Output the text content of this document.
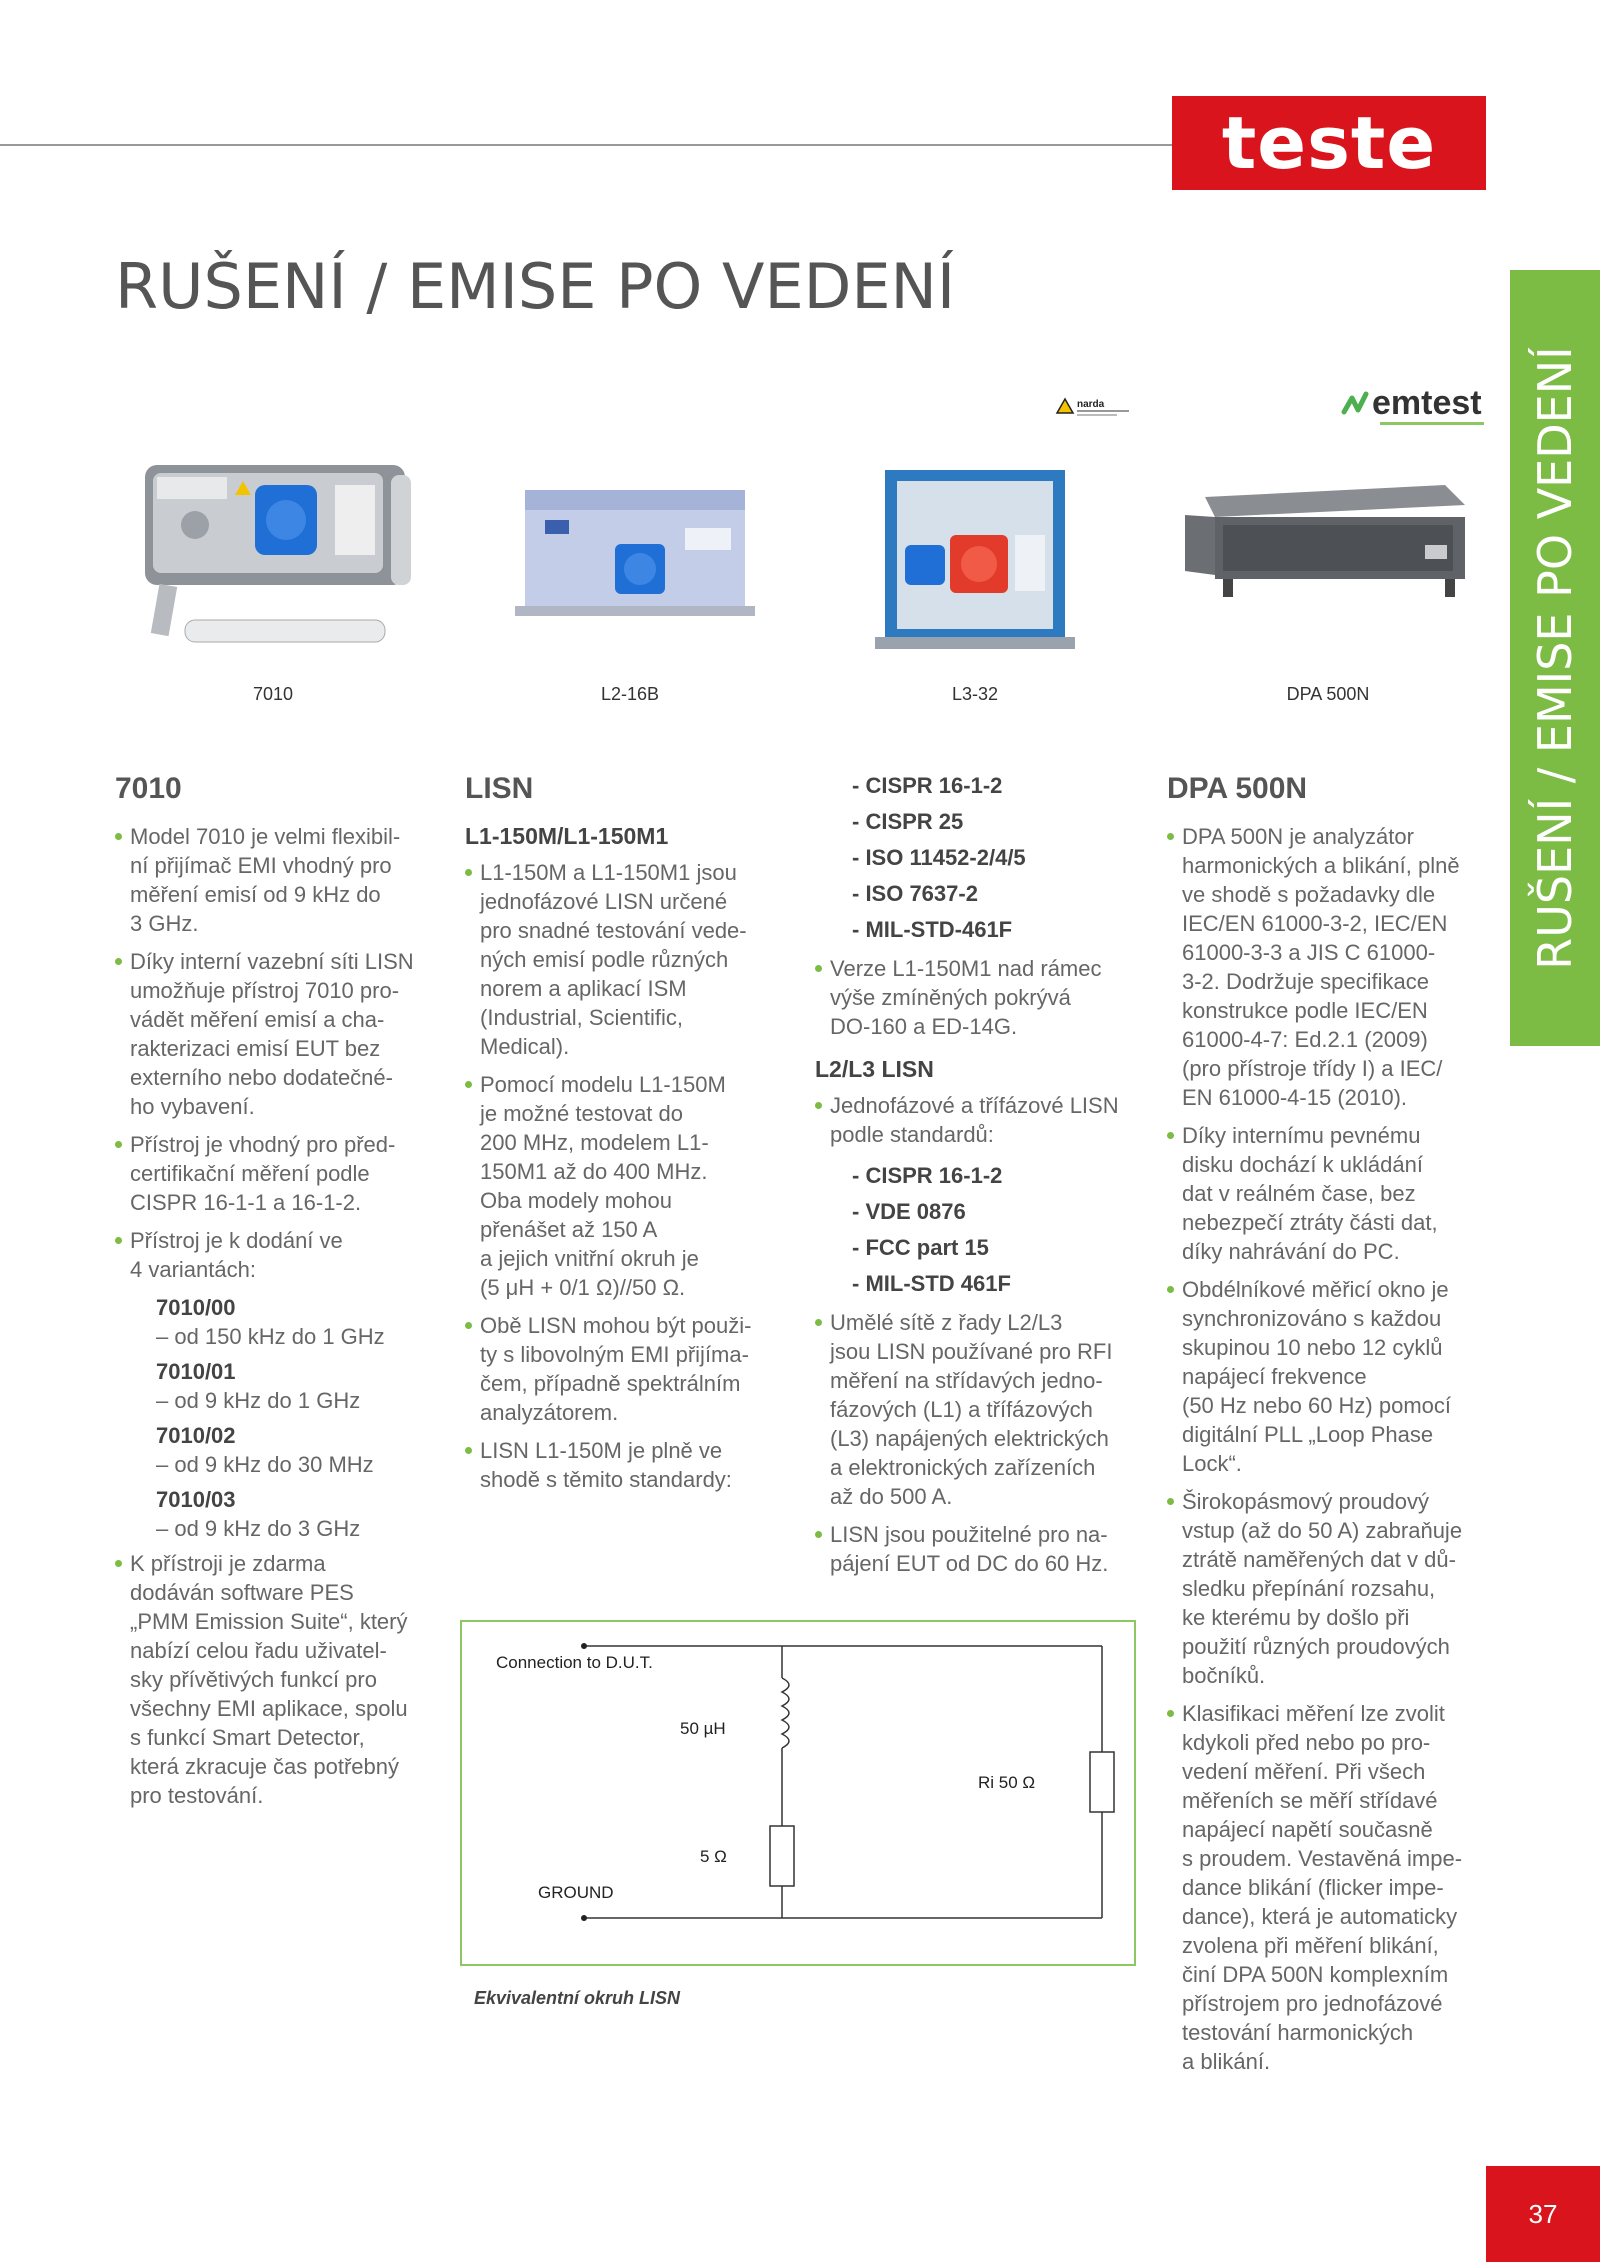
teste
RUŠENÍ / EMISE PO VEDENÍ
RUŠENÍ / EMISE PO VEDENÍ
narda	emtest
7010	L2-16B	L3-32	DPA 500N
7010
Model 7010 je velmi flexibil-
ní přijímač EMI vhodný pro
měření emisí od 9 kHz do
3 GHz.
Díky interní vazební síti LISN
umožňuje přístroj 7010 pro-
vádět měření emisí a cha-
rakterizaci emisí EUT bez
externího nebo dodatečné-
ho vybavení.
Přístroj je vhodný pro před-
certifikační měření podle
CISPR 16-1-1 a 16-1-2.
Přístroj je k dodání ve
4 variantách:
7010/00
– od 150 kHz do 1 GHz
7010/01
– od 9 kHz do 1 GHz
7010/02
– od 9 kHz do 30 MHz
7010/03
– od 9 kHz do 3 GHz
K přístroji je zdarma
dodáván software PES
„PMM Emission Suite“, který
nabízí celou řadu uživatel-
sky přívětivých funkcí pro
všechny EMI aplikace, spolu
s funkcí Smart Detector,
která zkracuje čas potřebný
pro testování.
LISN
L1-150M/L1-150M1
L1-150M a L1-150M1 jsou
jednofázové LISN určené
pro snadné testování vede-
ných emisí podle různých
norem a aplikací ISM
(Industrial, Scientific,
Medical).
Pomocí modelu L1-150M
je možné testovat do
200 MHz, modelem L1-
150M1 až do 400 MHz.
Oba modely mohou
přenášet až 150 A
a jejich vnitřní okruh je
(5 μH + 0/1 Ω)//50 Ω.
Obě LISN mohou být použi-
ty s libovolným EMI přijíma-
čem, případně spektrálním
analyzátorem.
LISN L1-150M je plně ve
shodě s těmito standardy:
- CISPR 16-1-2
- CISPR 25
- ISO 11452-2/4/5
- ISO 7637-2
- MIL-STD-461F
Verze L1-150M1 nad rámec
výše zmíněných pokrývá
DO-160 a ED-14G.
L2/L3 LISN
Jednofázové a třífázové LISN
podle standardů:
- CISPR 16-1-2
- VDE 0876
- FCC part 15
- MIL-STD 461F
Umělé sítě z řady L2/L3
jsou LISN používané pro RFI
měření na střídavých jedno-
fázových (L1) a třífázových
(L3) napájených elektrických
a elektronických zařízeních
až do 500 A.
LISN jsou použitelné pro na-
pájení EUT od DC do 60 Hz.
DPA 500N
DPA 500N je analyzátor
harmonických a blikání, plně
ve shodě s požadavky dle
IEC/EN 61000-3-2, IEC/EN
61000-3-3 a JIS C 61000-
3-2. Dodržuje specifikace
konstrukce podle IEC/EN
61000-4-7: Ed.2.1 (2009)
(pro přístroje třídy I) a IEC/
EN 61000-4-15 (2010).
Díky internímu pevnému
disku dochází k ukládání
dat v reálném čase, bez
nebezpečí ztráty části dat,
díky nahrávání do PC.
Obdélníkové měřicí okno je
synchronizováno s každou
skupinou 10 nebo 12 cyklů
napájecí frekvence
(50 Hz nebo 60 Hz) pomocí
digitální PLL „Loop Phase
Lock“.
Širokopásmový proudový
vstup (až do 50 A) zabraňuje
ztrátě naměřených dat v dů-
sledku přepínání rozsahu,
ke kterému by došlo při
použití různých proudových
bočníků.
Klasifikaci měření lze zvolit
kdykoli před nebo po pro-
vedení měření. Při všech
měřeních se měří střídavé
napájecí napětí současně
s proudem. Vestavěná impe-
dance blikání (flicker impe-
dance), která je automaticky
zvolena při měření blikání,
činí DPA 500N komplexním
přístrojem pro jednofázové
testování harmonických
a blikání.
Connection to D.U.T.
50 µH
5 Ω
Ri 50 Ω
GROUND
Ekvivalentní okruh LISN
37
